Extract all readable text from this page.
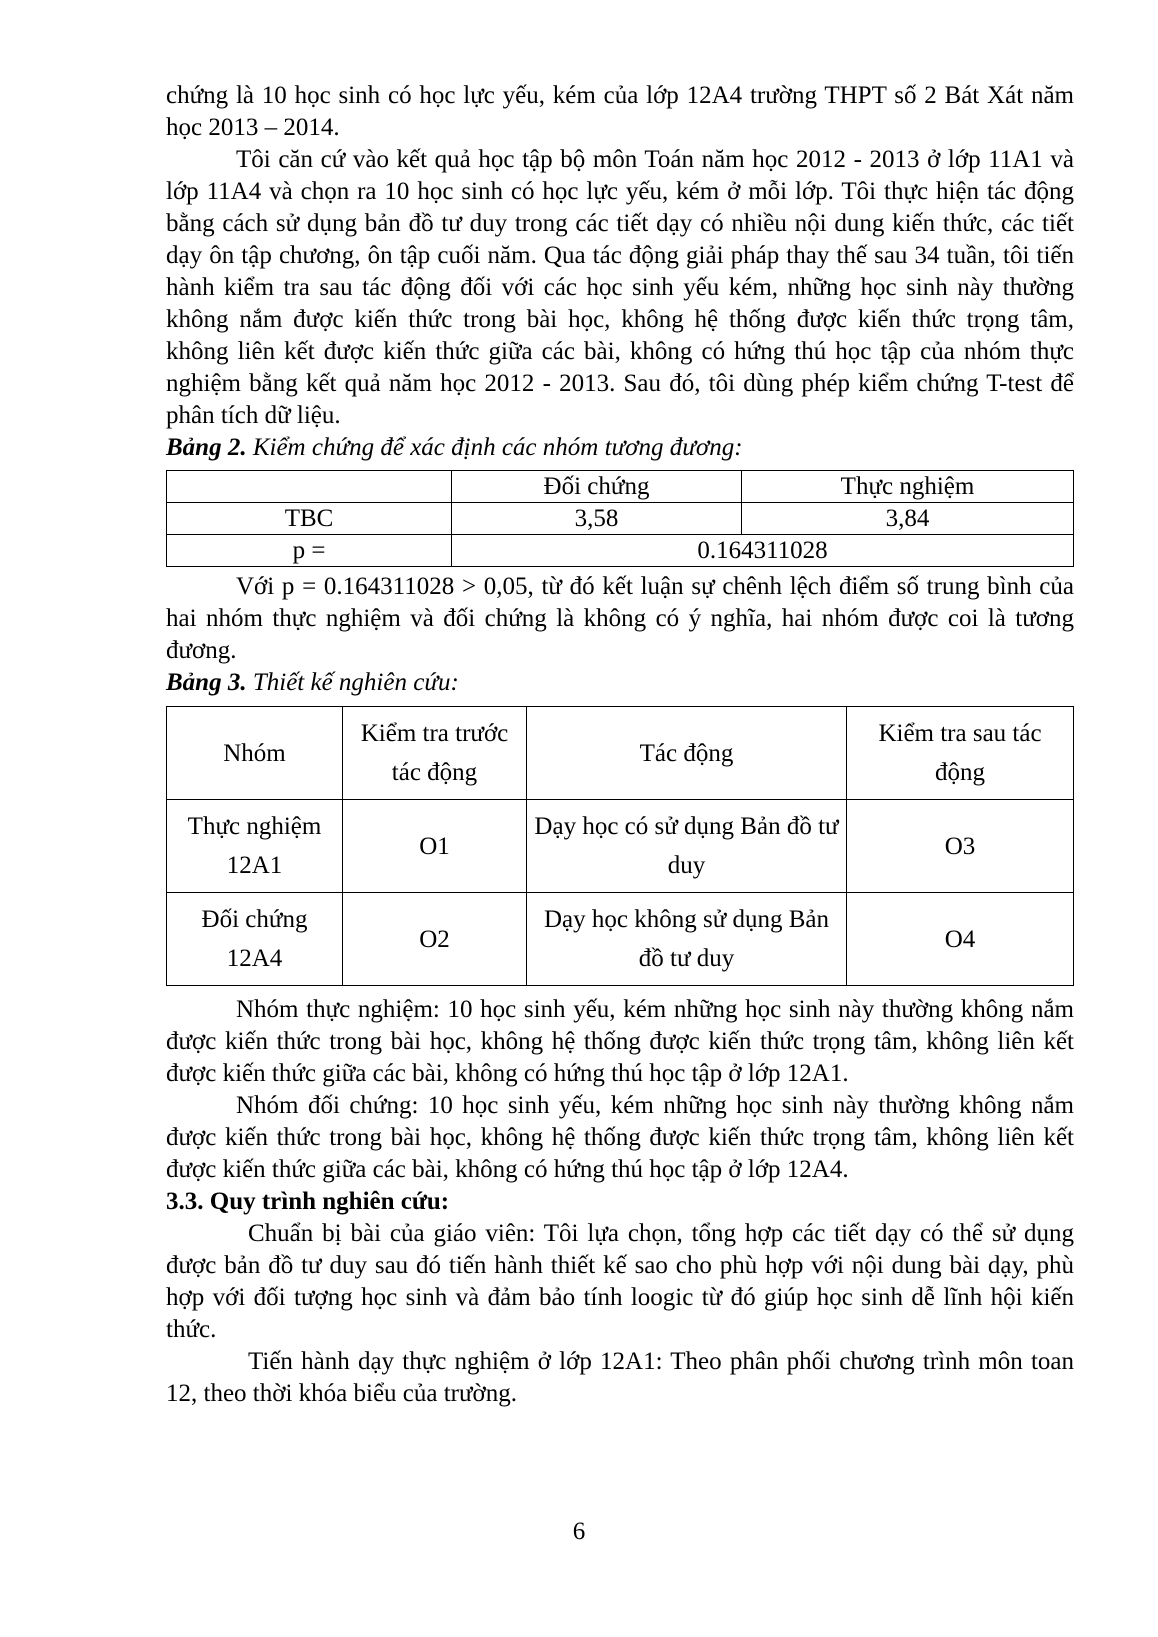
chứng là 10 học sinh có học lực yếu, kém của lớp 12A4 trường THPT số 2 Bát Xát năm học 2013 – 2014.

Tôi căn cứ vào kết quả học tập bộ môn Toán năm học 2012 - 2013 ở lớp 11A1 và lớp 11A4 và chọn ra 10 học sinh có học lực yếu, kém ở mỗi lớp. Tôi thực hiện tác động bằng cách sử dụng bản đồ tư duy trong các tiết dạy có nhiều nội dung kiến thức, các tiết dạy ôn tập chương, ôn tập cuối năm. Qua tác động giải pháp thay thế sau 34 tuần, tôi tiến hành kiểm tra sau tác động đối với các học sinh yếu kém, những học sinh này thường không nắm được kiến thức trong bài học, không hệ thống được kiến thức trọng tâm, không liên kết được kiến thức giữa các bài, không có hứng thú học tập của nhóm thực nghiệm bằng kết quả năm học 2012 - 2013. Sau đó, tôi dùng phép kiểm chứng T-test để phân tích dữ liệu.

Bảng 2. Kiểm chứng để xác định các nhóm tương đương:

	Đối chứng	Thực nghiệm
TBC	3,58	3,84
p =	0.164311028	

Với p = 0.164311028 > 0,05, từ đó kết luận sự chênh lệch điểm số trung bình của hai nhóm thực nghiệm và đối chứng là không có ý nghĩa, hai nhóm được coi là tương đương.

Bảng 3. Thiết kế nghiên cứu:

Nhóm	Kiểm tra trước tác động	Tác động	Kiểm tra sau tác động
Thực nghiệm 12A1	O1	Dạy học có sử dụng Bản đồ tư duy	O3
Đối chứng 12A4	O2	Dạy học không sử dụng Bản đồ tư duy	O4

Nhóm thực nghiệm: 10 học sinh yếu, kém những học sinh này thường không nắm được kiến thức trong bài học, không hệ thống được kiến thức trọng tâm, không liên kết được kiến thức giữa các bài, không có hứng thú học tập ở lớp 12A1.

Nhóm đối chứng: 10 học sinh yếu, kém những học sinh này thường không nắm được kiến thức trong bài học, không hệ thống được kiến thức trọng tâm, không liên kết được kiến thức giữa các bài, không có hứng thú học tập ở lớp 12A4.

3.3. Quy trình nghiên cứu:

Chuẩn bị bài của giáo viên: Tôi lựa chọn, tổng hợp các tiết dạy có thể sử dụng được bản đồ tư duy sau đó tiến hành thiết kế sao cho phù hợp với nội dung bài dạy, phù hợp với đối tượng học sinh và đảm bảo tính loogic từ đó giúp học sinh dễ lĩnh hội kiến thức.

Tiến hành dạy thực nghiệm ở lớp 12A1: Theo phân phối chương trình môn toan 12, theo thời khóa biểu của trường.

6
